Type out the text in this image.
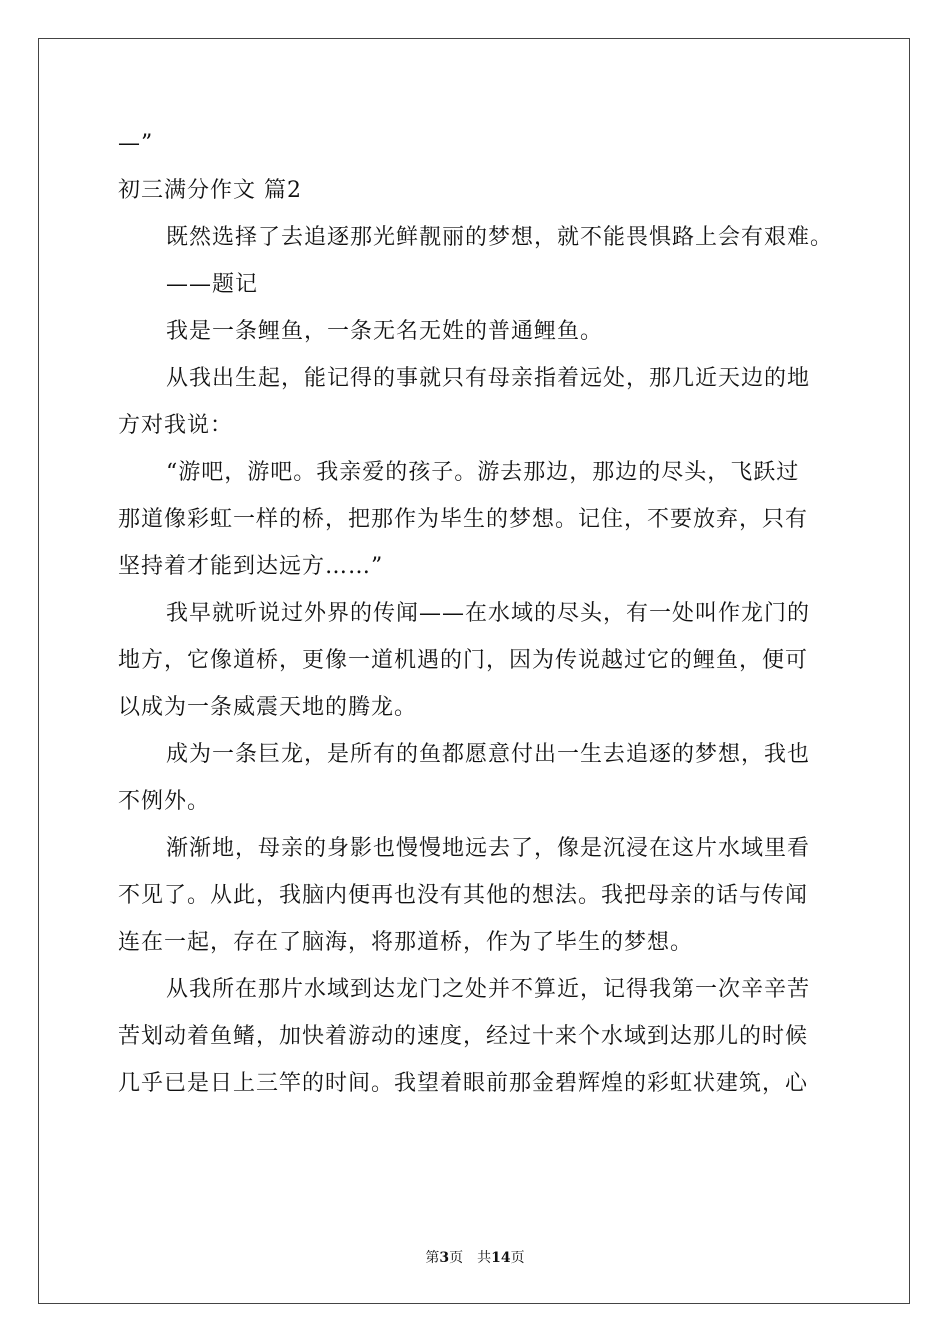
—”

初三满分作文 篇2

既然选择了去追逐那光鲜靓丽的梦想，就不能畏惧路上会有艰难。

——题记

我是一条鲤鱼，一条无名无姓的普通鲤鱼。

从我出生起，能记得的事就只有母亲指着远处，那几近天边的地

方对我说：

“游吧，游吧。我亲爱的孩子。游去那边，那边的尽头，飞跃过

那道像彩虹一样的桥，把那作为毕生的梦想。记住，不要放弃，只有

坚持着才能到达远方……”

我早就听说过外界的传闻——在水域的尽头，有一处叫作龙门的

地方，它像道桥，更像一道机遇的门，因为传说越过它的鲤鱼，便可

以成为一条威震天地的腾龙。

成为一条巨龙，是所有的鱼都愿意付出一生去追逐的梦想，我也

不例外。

渐渐地，母亲的身影也慢慢地远去了，像是沉浸在这片水域里看

不见了。从此，我脑内便再也没有其他的想法。我把母亲的话与传闻

连在一起，存在了脑海，将那道桥，作为了毕生的梦想。

从我所在那片水域到达龙门之处并不算近，记得我第一次辛辛苦

苦划动着鱼鳍，加快着游动的速度，经过十来个水域到达那儿的时候

几乎已是日上三竿的时间。我望着眼前那金碧辉煌的彩虹状建筑，心

第3页 共14页
